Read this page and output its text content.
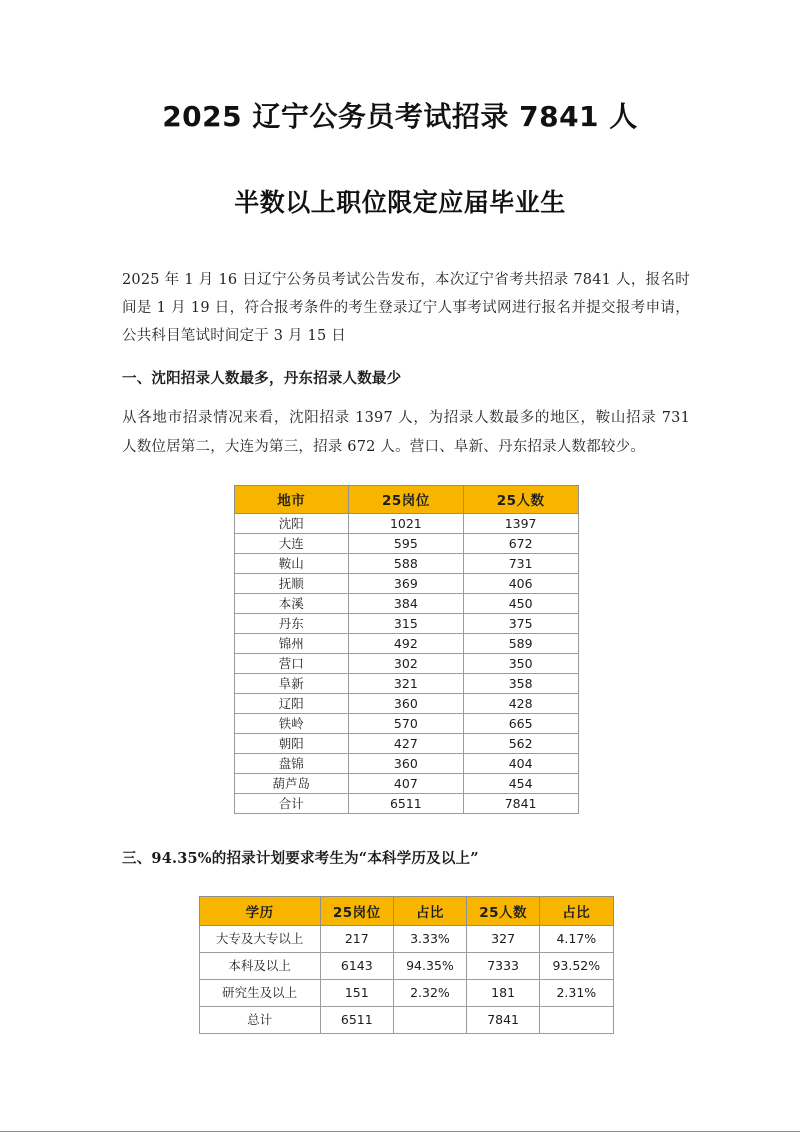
2025 辽宁公务员考试招录 7841 人
半数以上职位限定应届毕业生

2025 年 1 月 16 日辽宁公务员考试公告发布，本次辽宁省考共招录 7841 人，报名时间是 1 月 19 日，符合报考条件的考生登录辽宁人事考试网进行报名并提交报考申请，公共科目笔试时间定于 3 月 15 日

一、沈阳招录人数最多，丹东招录人数最少

从各地市招录情况来看，沈阳招录 1397 人，为招录人数最多的地区，鞍山招录 731 人数位居第二，大连为第三，招录 672 人。营口、阜新、丹东招录人数都较少。

地市	25岗位	25人数
沈阳	1021	1397
大连	595	672
鞍山	588	731
抚顺	369	406
本溪	384	450
丹东	315	375
锦州	492	589
营口	302	350
阜新	321	358
辽阳	360	428
铁岭	570	665
朝阳	427	562
盘锦	360	404
葫芦岛	407	454
合计	6511	7841
三、94.35%的招录计划要求考生为“本科学历及以上”
学历	25岗位	占比	25人数	占比
大专及大专以上	217	3.33%	327	4.17%
本科及以上	6143	94.35%	7333	93.52%
研究生及以上	151	2.32%	181	2.31%
总计	6511		7841	
